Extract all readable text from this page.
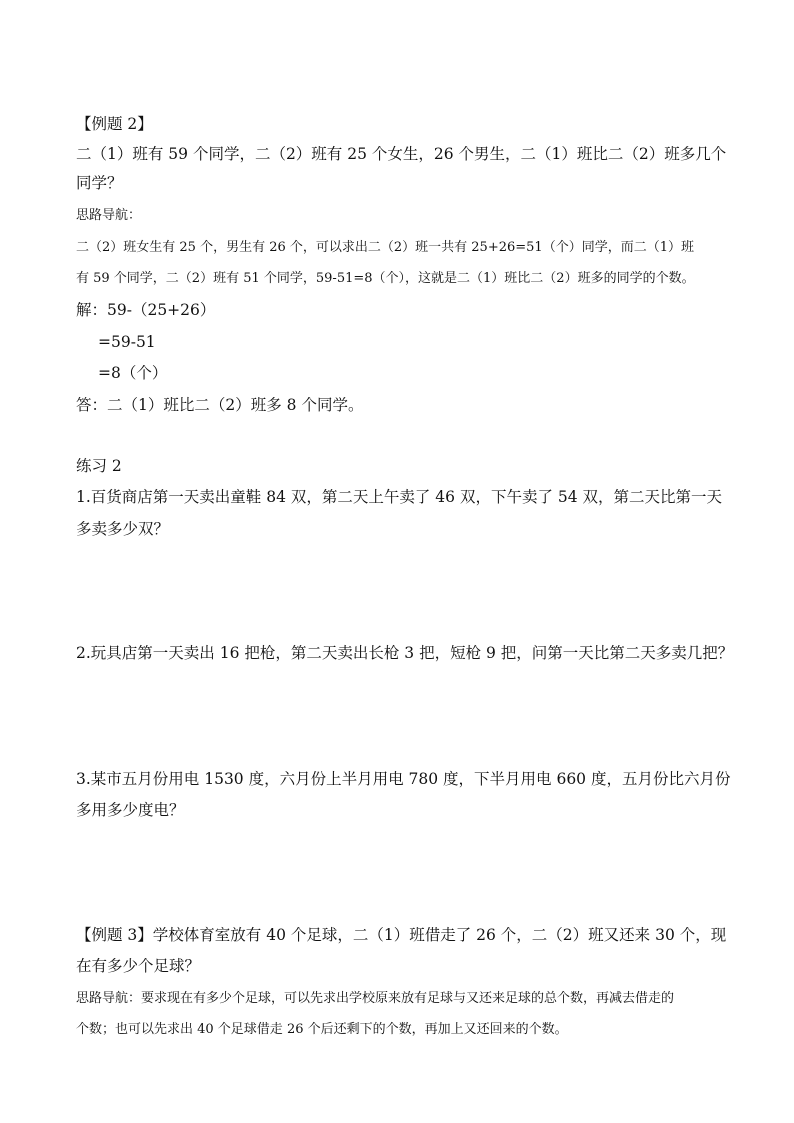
【例题 2】
二（1）班有 59 个同学，二（2）班有 25 个女生，26 个男生，二（1）班比二（2）班多几个
同学？
思路导航：
二（2）班女生有 25 个，男生有 26 个，可以求出二（2）班一共有 25+26=51（个）同学，而二（1）班
有 59 个同学，二（2）班有 51 个同学，59-51=8（个），这就是二（1）班比二（2）班多的同学的个数。
解：59-（25+26）
=59-51
=8（个）
答：二（1）班比二（2）班多 8 个同学。
练习 2
1.百货商店第一天卖出童鞋 84 双，第二天上午卖了 46 双，下午卖了 54 双，第二天比第一天
多卖多少双？
2.玩具店第一天卖出 16 把枪，第二天卖出长枪 3 把，短枪 9 把，问第一天比第二天多卖几把？
3.某市五月份用电 1530 度，六月份上半月用电 780 度，下半月用电 660 度，五月份比六月份
多用多少度电？
【例题 3】学校体育室放有 40 个足球，二（1）班借走了 26 个，二（2）班又还来 30 个，现
在有多少个足球？
思路导航：要求现在有多少个足球，可以先求出学校原来放有足球与又还来足球的总个数，再减去借走的
个数；也可以先求出 40 个足球借走 26 个后还剩下的个数，再加上又还回来的个数。
